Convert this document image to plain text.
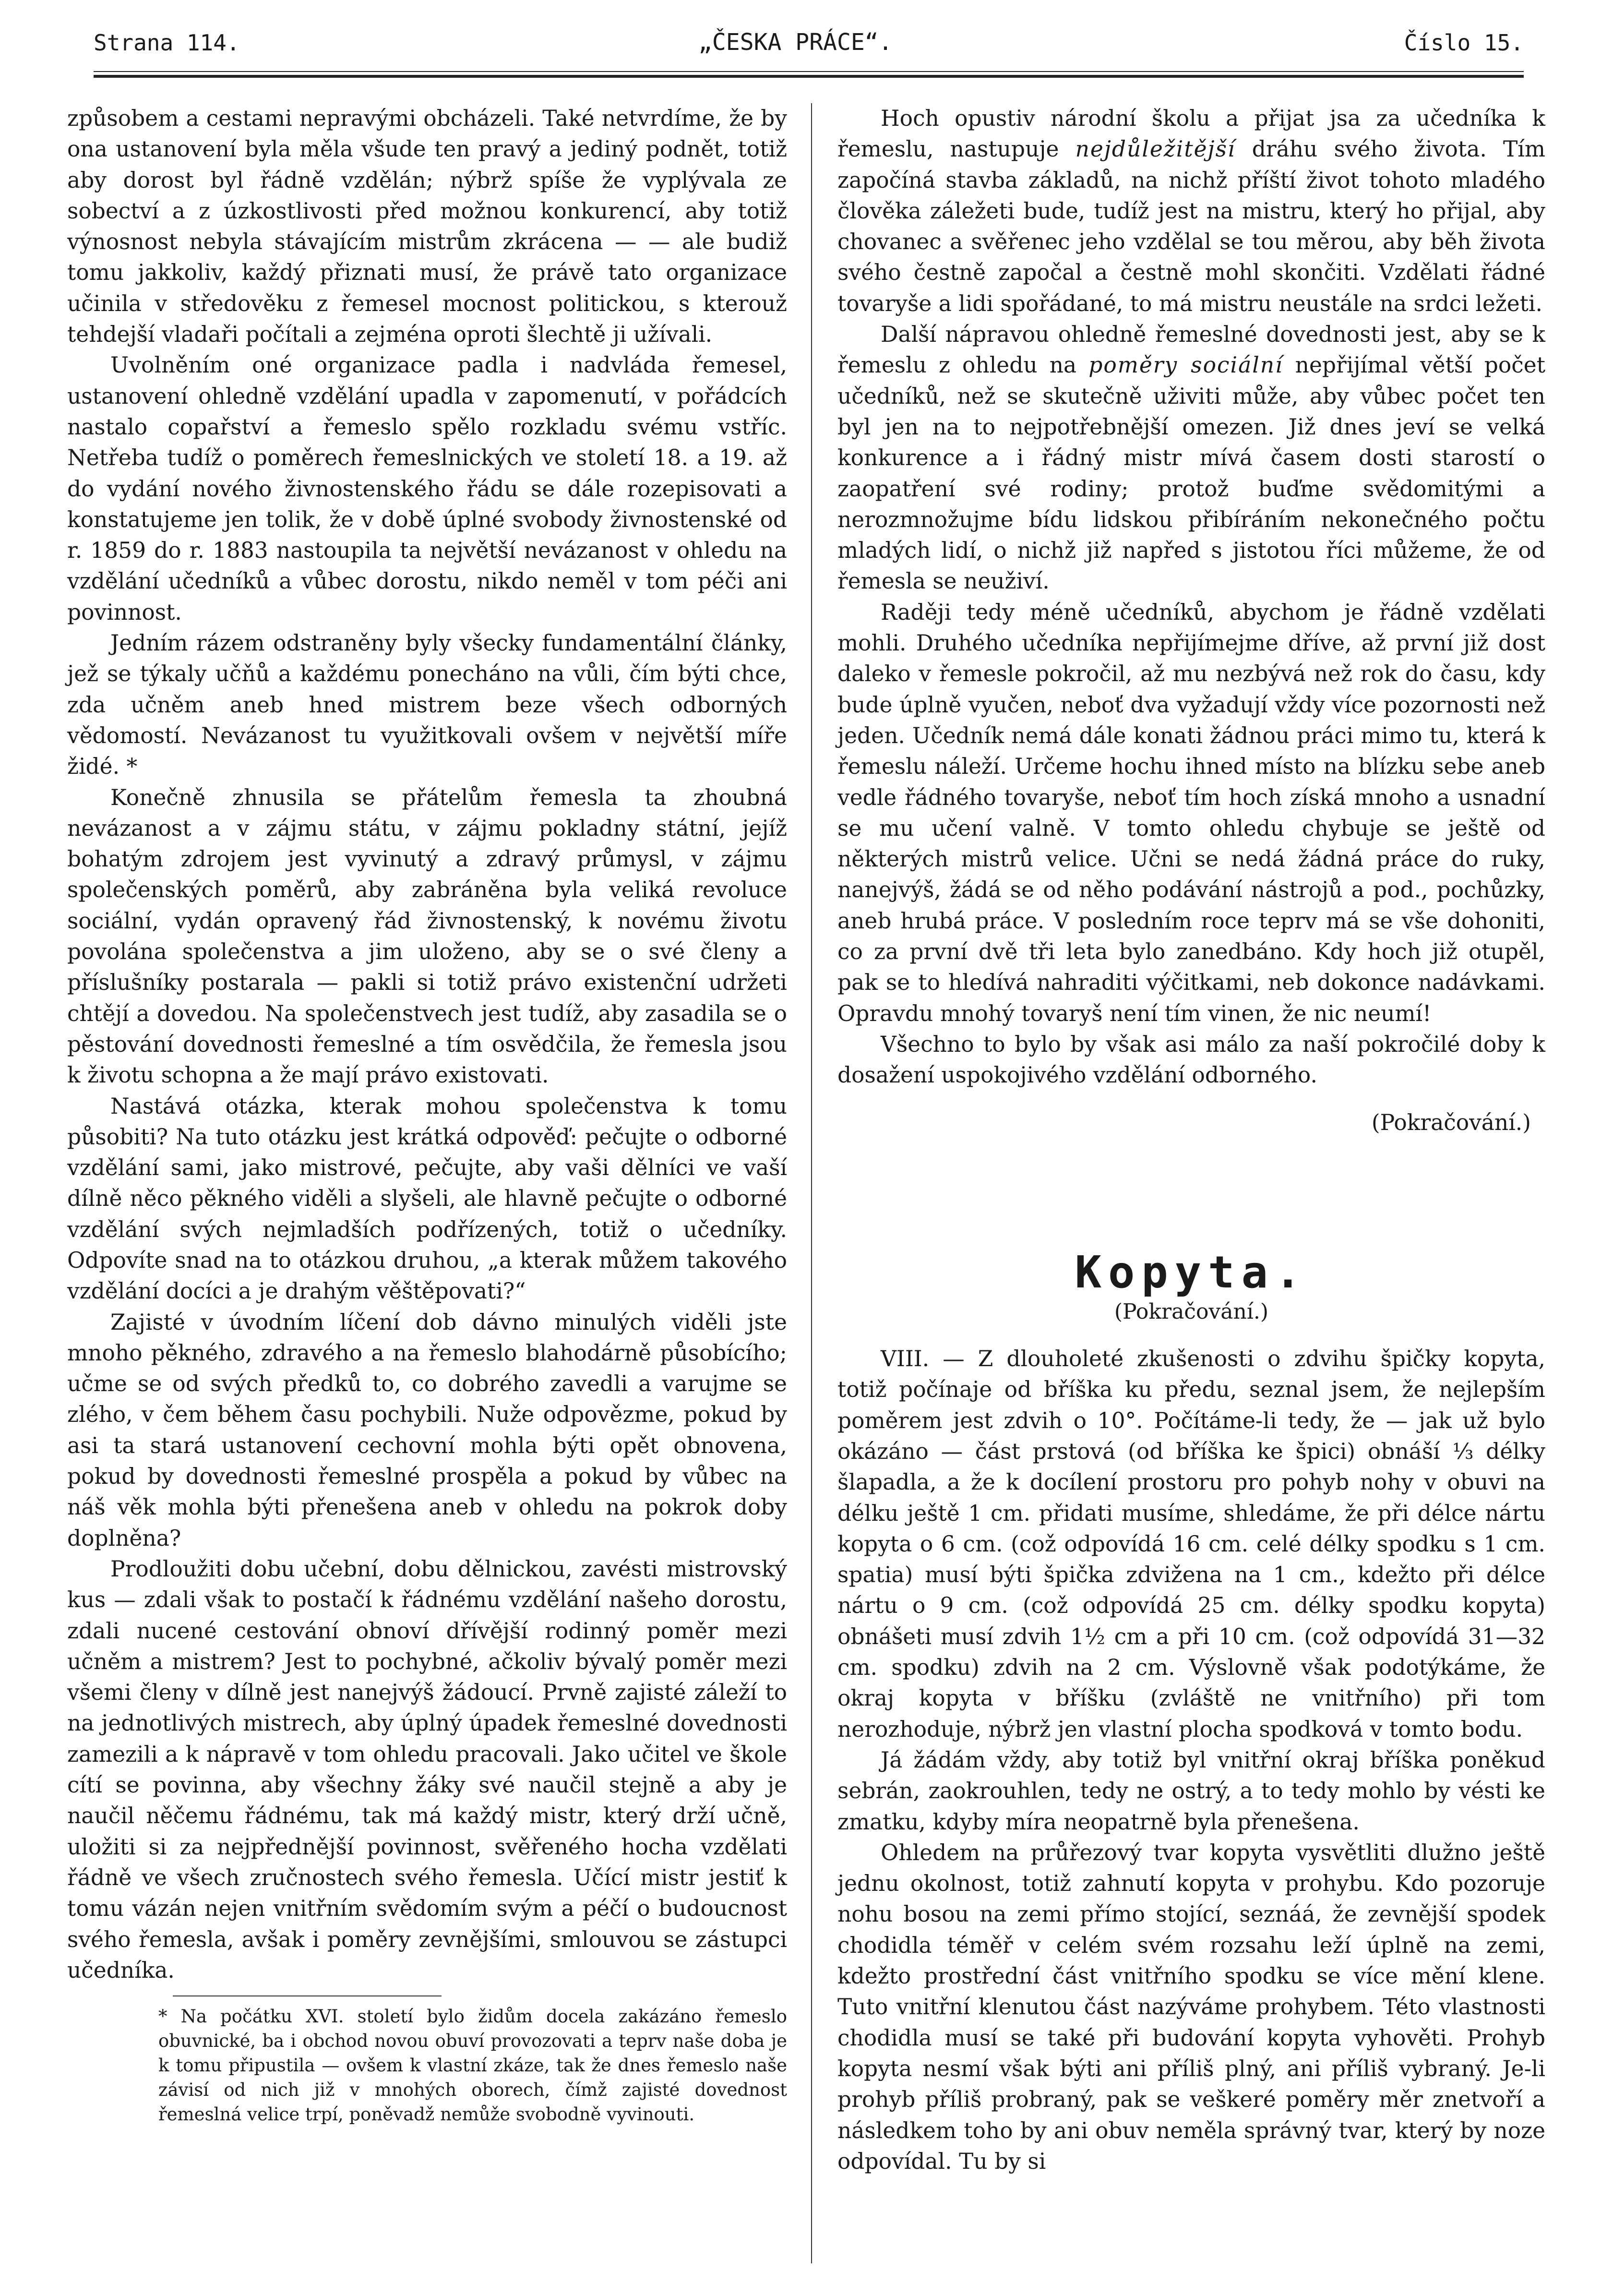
Strana 114.	„ČESKA PRÁCE“.	Číslo 15.

způsobem a cestami nepravými obcházeli. Také netvrdíme, že by ona ustanovení byla měla všude ten pravý a jediný podnět, totiž aby dorost byl řádně vzdělán; nýbrž spíše že vyplývala ze sobectví a z úzkostlivosti před možnou konkurencí, aby totiž výnosnost nebyla stávajícím mistrům zkrácena — — ale budiž tomu jakkoliv, každý přiznati musí, že právě tato organizace učinila v středověku z řemesel mocnost politickou, s kterouž tehdejší vladaři počítali a zejména oproti šlechtě ji užívali.

Uvolněním oné organizace padla i nadvláda řemesel, ustanovení ohledně vzdělání upadla v zapomenutí, v pořádcích nastalo copařství a řemeslo spělo rozkladu svému vstříc. Netřeba tudíž o poměrech řemeslnických ve století 18. a 19. až do vydání nového živnostenského řádu se dále rozepisovati a konstatujeme jen tolik, že v době úplné svobody živnostenské od r. 1859 do r. 1883 nastoupila ta největší nevázanost v ohledu na vzdělání učedníků a vůbec dorostu, nikdo neměl v tom péči ani povinnost.

Jedním rázem odstraněny byly všecky fundamentální články, jež se týkaly učňů a každému ponecháno na vůli, čím býti chce, zda učněm aneb hned mistrem beze všech odborných vědomostí. Nevázanost tu využitkovali ovšem v největší míře židé. *

Konečně zhnusila se přátelům řemesla ta zhoubná nevázanost a v zájmu státu, v zájmu pokladny státní, jejíž bohatým zdrojem jest vyvinutý a zdravý průmysl, v zájmu společenských poměrů, aby zabráněna byla veliká revoluce sociální, vydán opravený řád živnostenský, k novému životu povolána společenstva a jim uloženo, aby se o své členy a příslušníky postarala — pakli si totiž právo existenční udržeti chtějí a dovedou. Na společenstvech jest tudíž, aby zasadila se o pěstování dovednosti řemeslné a tím osvědčila, že řemesla jsou k životu schopna a že mají právo existovati.

Nastává otázka, kterak mohou společenstva k tomu působiti? Na tuto otázku jest krátká odpověď: pečujte o odborné vzdělání sami, jako mistrové, pečujte, aby vaši dělníci ve vaší dílně něco pěkného viděli a slyšeli, ale hlavně pečujte o odborné vzdělání svých nejmladších podřízených, totiž o učedníky. Odpovíte snad na to otázkou druhou, „a kterak můžem takového vzdělání docíci a je drahým věštěpovati?“

Zajisté v úvodním líčení dob dávno minulých viděli jste mnoho pěkného, zdravého a na řemeslo blahodárně působícího; učme se od svých předků to, co dobrého zavedli a varujme se zlého, v čem během času pochybili. Nuže odpovězme, pokud by asi ta stará ustanovení cechovní mohla býti opět obnovena, pokud by dovednosti řemeslné prospěla a pokud by vůbec na náš věk mohla býti přenešena aneb v ohledu na pokrok doby doplněna?

Prodloužiti dobu učební, dobu dělnickou, zavésti mistrovský kus — zdali však to postačí k řádnému vzdělání našeho dorostu, zdali nucené cestování obnoví dřívější rodinný poměr mezi učněm a mistrem? Jest to pochybné, ačkoliv bývalý poměr mezi všemi členy v dílně jest nanejvýš žádoucí. Prvně zajisté záleží to na jednotlivých mistrech, aby úplný úpadek řemeslné dovednosti zamezili a k nápravě v tom ohledu pracovali. Jako učitel ve škole cítí se povinna, aby všechny žáky své naučil stejně a aby je naučil něčemu řádnému, tak má každý mistr, který drží učně, uložiti si za nejpřednější povinnost, svěřeného hocha vzdělati řádně ve všech zručnostech svého řemesla. Učící mistr jestiť k tomu vázán nejen vnitřním svědomím svým a péčí o budoucnost svého řemesla, avšak i poměry zevnějšími, smlouvou se zástupci učedníka.

* Na počátku XVI. století bylo židům docela zakázáno řemeslo obuvnické, ba i obchod novou obuví provozovati a teprv naše doba je k tomu připustila — ovšem k vlastní zkáze, tak že dnes řemeslo naše závisí od nich již v mnohých oborech, čímž zajisté dovednost řemeslná velice trpí, poněvadž nemůže svobodně vyvinouti.

Hoch opustiv národní školu a přijat jsa za učedníka k řemeslu, nastupuje nejdůležitější dráhu svého života. Tím započíná stavba základů, na nichž příští život tohoto mladého člověka záležeti bude, tudíž jest na mistru, který ho přijal, aby chovanec a svěřenec jeho vzdělal se tou měrou, aby běh života svého čestně započal a čestně mohl skončiti. Vzdělati řádné tovaryše a lidi spořádané, to má mistru neustále na srdci ležeti.

Další nápravou ohledně řemeslné dovednosti jest, aby se k řemeslu z ohledu na poměry sociální nepřijímal větší počet učedníků, než se skutečně uživiti může, aby vůbec počet ten byl jen na to nejpotřebnější omezen. Již dnes jeví se velká konkurence a i řádný mistr mívá časem dosti starostí o zaopatření své rodiny; protož buďme svědomitými a nerozmnožujme bídu lidskou přibíráním nekonečného počtu mladých lidí, o nichž již napřed s jistotou říci můžeme, že od řemesla se neuživí.

Raději tedy méně učedníků, abychom je řádně vzdělati mohli. Druhého učedníka nepřijímejme dříve, až první již dost daleko v řemesle pokročil, až mu nezbývá než rok do času, kdy bude úplně vyučen, neboť dva vyžadují vždy více pozornosti než jeden. Učedník nemá dále konati žádnou práci mimo tu, která k řemeslu náleží. Určeme hochu ihned místo na blízku sebe aneb vedle řádného tovaryše, neboť tím hoch získá mnoho a usnadní se mu učení valně. V tomto ohledu chybuje se ještě od některých mistrů velice. Učni se nedá žádná práce do ruky, nanejvýš, žádá se od něho podávání nástrojů a pod., pochůzky, aneb hrubá práce. V posledním roce teprv má se vše dohoniti, co za první dvě tři leta bylo zanedbáno. Kdy hoch již otupěl, pak se to hledívá nahraditi výčitkami, neb dokonce nadávkami. Opravdu mnohý tovaryš není tím vinen, že nic neumí!

Všechno to bylo by však asi málo za naší pokročilé doby k dosažení uspokojivého vzdělání odborného.

(Pokračování.)

Kopyta.

(Pokračování.)

VIII. — Z dlouholeté zkušenosti o zdvihu špičky kopyta, totiž počínaje od bříška ku předu, seznal jsem, že nejlepším poměrem jest zdvih o 10°. Počítáme-li tedy, že — jak už bylo okázáno — část prstová (od bříška ke špici) obnáší ⅓ délky šlapadla, a že k docílení prostoru pro pohyb nohy v obuvi na délku ještě 1 cm. přidati musíme, shledáme, že při délce nártu kopyta o 6 cm. (což odpovídá 16 cm. celé délky spodku s 1 cm. spatia) musí býti špička zdvižena na 1 cm., kdežto při délce nártu o 9 cm. (což odpovídá 25 cm. délky spodku kopyta) obnášeti musí zdvih 1½ cm a při 10 cm. (což odpovídá 31—32 cm. spodku) zdvih na 2 cm. Výslovně však podotýkáme, že okraj kopyta v bříšku (zvláště ne vnitřního) při tom nerozhoduje, nýbrž jen vlastní plocha spodková v tomto bodu.

Já žádám vždy, aby totiž byl vnitřní okraj bříška poněkud sebrán, zaokrouhlen, tedy ne ostrý, a to tedy mohlo by vésti ke zmatku, kdyby míra neopatrně byla přenešena.

Ohledem na průřezový tvar kopyta vysvětliti dlužno ještě jednu okolnost, totiž zahnutí kopyta v prohybu. Kdo pozoruje nohu bosou na zemi přímo stojící, seznáá, že zevnější spodek chodidla téměř v celém svém rozsahu leží úplně na zemi, kdežto prostřední část vnitřního spodku se více mění klene. Tuto vnitřní klenutou část nazýváme prohybem. Této vlastnosti chodidla musí se také při budování kopyta vyhověti. Prohyb kopyta nesmí však býti ani příliš plný, ani příliš vybraný. Je-li prohyb příliš probraný, pak se veškeré poměry měr znetvoří a následkem toho by ani obuv neměla správný tvar, který by noze odpovídal. Tu by si
